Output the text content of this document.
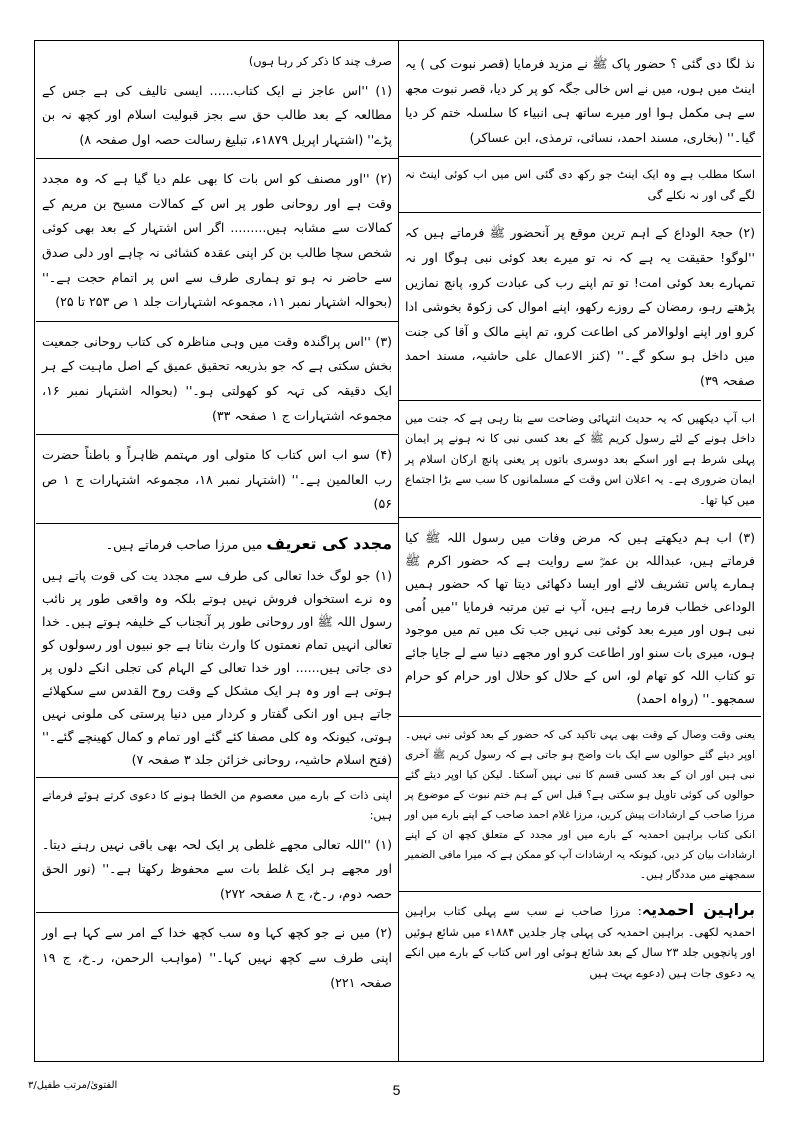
نذ لگا دی گئی ؟ حضور پاک ﷺ نے مزید فرمایا (قصر نبوت کی ) یہ اینٹ میں ہوں، میں نے اس خالی جگہ کو پر کر دیا، قصر نبوت مجھ سے ہی مکمل ہوا اور میرے ساتھ ہی انبیاء کا سلسلہ ختم کر دیا گیا۔'' (بخاری، مسند احمد، نسائی، ترمذی، ابن عساکر)

اسکا مطلب ہے وہ ایک اینٹ جو رکھ دی گئی اس میں اب کوئی اینٹ نہ لگے گی اور نہ نکلے گی

(۲) حجۃ الوداع کے اہم ترین موقع پر آنحضور ﷺ فرماتے ہیں کہ ''لوگو! حقیقت یہ ہے کہ نہ تو میرے بعد کوئی نبی ہوگا اور نہ تمہارے بعد کوئی امت! تو تم اپنے رب کی عبادت کرو، پانچ نمازیں پڑھتے رہو، رمضان کے روزے رکھو، اپنے اموال کی زکوۃ بخوشی ادا کرو اور اپنے اولوالامر کی اطاعت کرو، تم اپنے مالک و آقا کی جنت میں داخل ہو سکو گے۔'' (کنز الاعمال علی حاشیہ، مسند احمد صفحہ ۳۹)

اب آپ دیکھیں کہ یہ حدیث انتہائی وضاحت سے بتا رہی ہے کہ جنت میں داخل ہونے کے لئے رسول کریم ﷺ کے بعد کسی نبی کا نہ ہونے پر ایمان پہلی شرط ہے اور اسکے بعد دوسری باتوں پر یعنی پانچ ارکان اسلام پر ایمان ضروری ہے۔ یہ اعلان اس وقت کے مسلمانوں کا سب سے بڑا اجتماع میں کیا تھا۔

(۳) اب ہم دیکھتے ہیں کہ مرض وفات میں رسول اللہ ﷺ کیا فرماتے ہیں، عبداللہ بن عمرؓ سے روایت ہے کہ حضور اکرم ﷺ ہمارے پاس تشریف لائے اور ایسا دکھائی دیتا تھا کہ حضور ہمیں الوداعی خطاب فرما رہے ہیں، آپ نے تین مرتبہ فرمایا ''میں اُمی نبی ہوں اور میرے بعد کوئی نبی نہیں جب تک میں تم میں موجود ہوں، میری بات سنو اور اطاعت کرو اور مجھے دنیا سے لے جایا جائے تو کتاب اللہ کو تھام لو، اس کے حلال کو حلال اور حرام کو حرام سمجھو۔'' (رواہ احمد)

یعنی وقت وصال کے وقت بھی یہی تاکید کی کہ حضور کے بعد کوئی نبی نہیں۔ اوپر دیئے گئے حوالوں سے ایک بات واضح ہو جاتی ہے کہ رسول کریم ﷺ آخری نبی ہیں اور ان کے بعد کسی قسم کا نبی نہیں آسکتا۔ لیکن کیا اوپر دیئے گئے حوالوں کی کوئی تاویل ہو سکتی ہے؟ قبل اس کے ہم ختم نبوت کے موضوع پر مرزا صاحب کے ارشادات پیش کریں، مرزا غلام احمد صاحب کے اپنے بارے میں اور انکی کتاب براہین احمدیہ کے بارے میں اور مجدد کے متعلق کچھ ان کے اپنے ارشادات بیان کر دیں، کیونکہ یہ ارشادات آپ کو ممکن ہے کہ میرا مافی الضمیر سمجھنے میں مددگار ہیں۔

براہین احمدیہ: مرزا صاحب نے سب سے پہلی کتاب براہین احمدیہ لکھی۔ براہین احمدیہ کی پہلی چار جلدیں ۱۸۸۴ء میں شائع ہوئیں اور پانچویں جلد ۲۳ سال کے بعد شائع ہوئی اور اس کتاب کے بارے میں انکے یہ دعوی جات ہیں (دعوے بہت ہیں

صرف چند کا ذکر کر رہا ہوں)

(۱) ''اس عاجز نے ایک کتاب...... ایسی تالیف کی ہے جس کے مطالعہ کے بعد طالب حق سے بجز قبولیت اسلام اور کچھ نہ بن پڑے'' (اشتہار اپریل ۱۸۷۹ء، تبلیغ رسالت حصہ اول صفحہ ۸)

(۲) ''اور مصنف کو اس بات کا بھی علم دیا گیا ہے کہ وہ مجدد وقت ہے اور روحانی طور پر اس کے کمالات مسیح بن مریم کے کمالات سے مشابہ ہیں......... اگر اس اشتہار کے بعد بھی کوئی شخص سچا طالب بن کر اپنی عقدہ کشائی نہ چاہے اور دلی صدق سے حاضر نہ ہو تو ہماری طرف سے اس پر اتمام حجت ہے۔'' (بحوالہ اشتہار نمبر ۱۱، مجموعہ اشتہارات جلد ۱ ص ۲۵۳ تا ۲۵)

(۳) ''اس پراگندہ وقت میں وہی مناظرہ کی کتاب روحانی جمعیت بخش سکتی ہے کہ جو بذریعہ تحقیق عمیق کے اصل ماہیت کے ہر ایک دقیقہ کی تہہ کو کھولتی ہو۔'' (بحوالہ اشتہار نمبر ۱۶، مجموعہ اشتہارات ج ۱ صفحہ ۳۳)

(۴) سو اب اس کتاب کا متولی اور مہتمم ظاہراً و باطناً حضرت رب العالمین ہے۔'' (اشتہار نمبر ۱۸، مجموعہ اشتہارات ج ۱ ص ۵۶)

مجدد کی تعریف میں مرزا صاحب فرماتے ہیں۔

(۱) جو لوگ خدا تعالی کی طرف سے مجدد یت کی قوت پاتے ہیں وہ نرے استخواں فروش نہیں ہوتے بلکہ وہ واقعی طور پر نائب رسول اللہ ﷺ اور روحانی طور پر آنجناب کے خلیفہ ہوتے ہیں۔ خدا تعالی انہیں تمام نعمتوں کا وارث بناتا ہے جو نبیوں اور رسولوں کو دی جاتی ہیں...... اور خدا تعالی کے الہام کی تجلی انکے دلوں پر ہوتی ہے اور وہ ہر ایک مشکل کے وقت روح القدس سے سکھلائے جاتے ہیں اور انکی گفتار و کردار میں دنیا پرستی کی ملونی نہیں ہوتی، کیونکہ وہ کلی مصفا کئے گئے اور تمام و کمال کھینچے گئے۔'' (فتح اسلام حاشیہ، روحانی خزائن جلد ۳ صفحہ ۷)

اپنی ذات کے بارے میں معصوم من الخطا ہونے کا دعوی کرتے ہوئے فرماتے ہیں:

(۱) ''اللہ تعالی مجھے غلطی پر ایک لحہ بھی باقی نہیں رہنے دیتا۔ اور مجھے ہر ایک غلط بات سے محفوظ رکھتا ہے۔'' (نور الحق حصہ دوم، ر۔خ، ج ۸ صفحہ ۲۷۲)

(۲) میں نے جو کچھ کہا وہ سب کچھ خدا کے امر سے کہا ہے اور اپنی طرف سے کچھ نہیں کہا۔'' (مواہب الرحمن، ر۔خ، ج ۱۹ صفحہ ۲۲۱)

5
الفتویٰ/مرتب طفیل/۳
